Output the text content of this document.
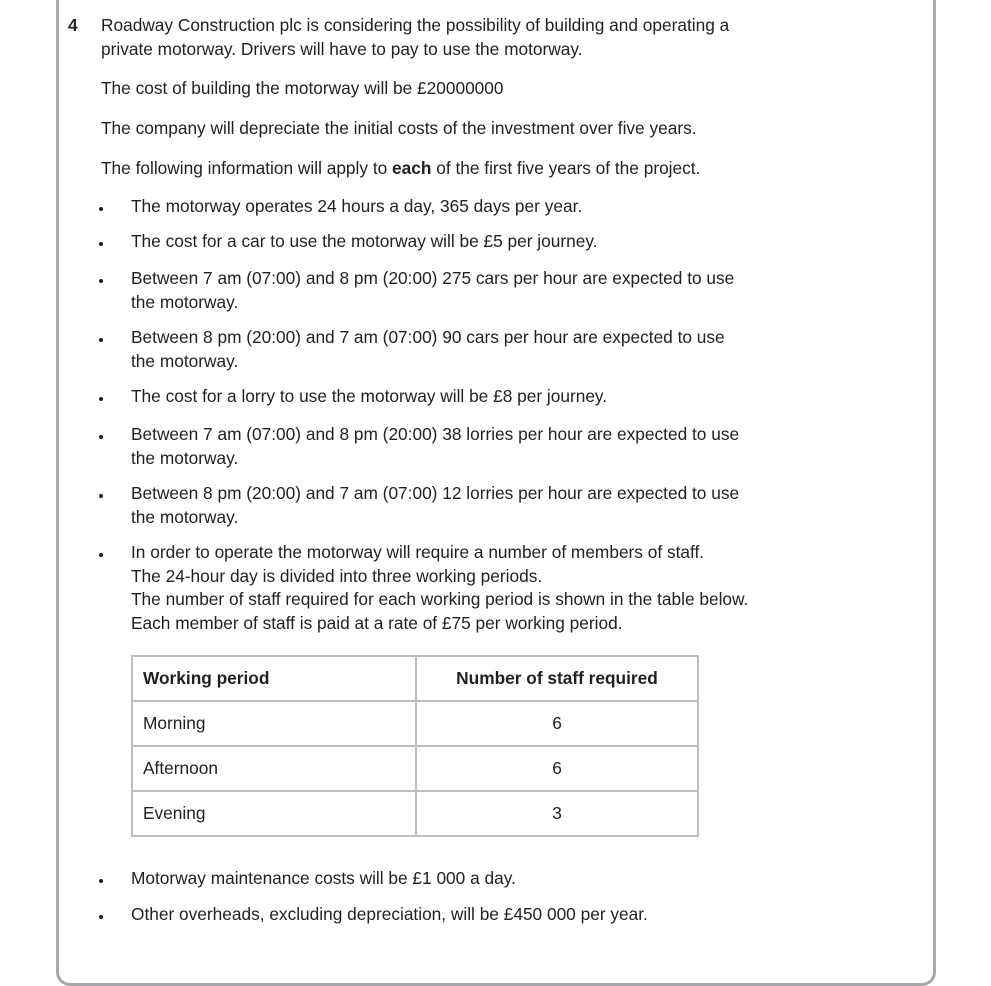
4 Roadway Construction plc is considering the possibility of building and operating a
private motorway. Drivers will have to pay to use the motorway.
The cost of building the motorway will be £20000000
The company will depreciate the initial costs of the investment over five years.
The following information will apply to each of the first five years of the project.
The motorway operates 24 hours a day, 365 days per year.
The cost for a car to use the motorway will be £5 per journey.
Between 7 am (07:00) and 8 pm (20:00) 275 cars per hour are expected to use
the motorway.
Between 8 pm (20:00) and 7 am (07:00) 90 cars per hour are expected to use
the motorway.
The cost for a lorry to use the motorway will be £8 per journey.
Between 7 am (07:00) and 8 pm (20:00) 38 lorries per hour are expected to use
the motorway.
Between 8 pm (20:00) and 7 am (07:00) 12 lorries per hour are expected to use
the motorway.
In order to operate the motorway will require a number of members of staff.
The 24-hour day is divided into three working periods.
The number of staff required for each working period is shown in the table below.
Each member of staff is paid at a rate of £75 per working period.
Motorway maintenance costs will be £1 000 a day.
Other overheads, excluding depreciation, will be £450 000 per year.
Working period	Number of staff required
Morning	6
Afternoon	6
Evening	3
